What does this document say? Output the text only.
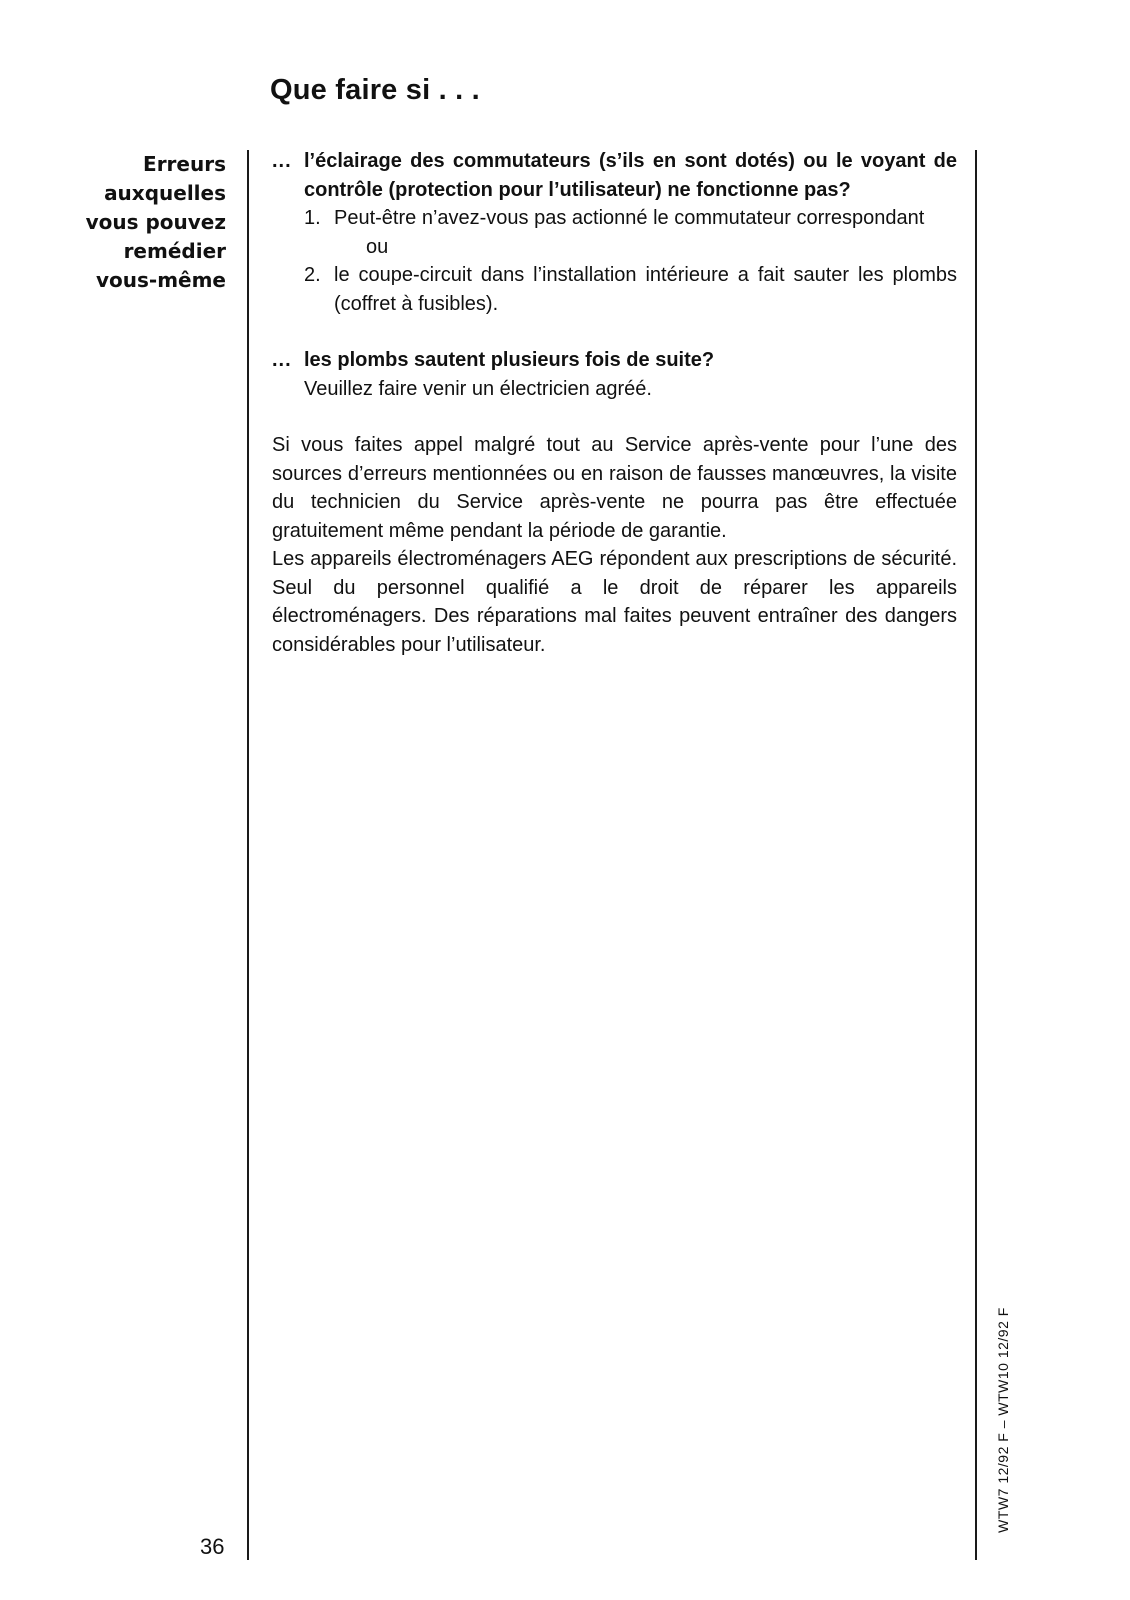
Que faire si . . .
Erreurs
auxquelles
vous pouvez
remédier
vous-même

... l’éclairage des commutateurs (s’ils en sont dotés) ou le voyant de contrôle (protection pour l’utilisateur) ne fonctionne pas?

1. Peut-être n’avez-vous pas actionné le commutateur correspondant
ou
2. le coupe-circuit dans l’installation intérieure a fait sauter les plombs (coffret à fusibles).

... les plombs sautent plusieurs fois de suite?

Veuillez faire venir un électricien agréé.

Si vous faites appel malgré tout au Service après-vente pour l’une des sources d’erreurs mentionnées ou en raison de fausses manœuvres, la visite du technicien du Service après-vente ne pourra pas être effectuée gratuitement même pendant la période de garantie.

Les appareils électroménagers AEG répondent aux prescriptions de sécurité. Seul du personnel qualifié a le droit de réparer les appareils électroménagers. Des réparations mal faites peuvent entraîner des dangers considérables pour l’utilisateur.

36
WTW7 12/92 F – WTW10 12/92 F
